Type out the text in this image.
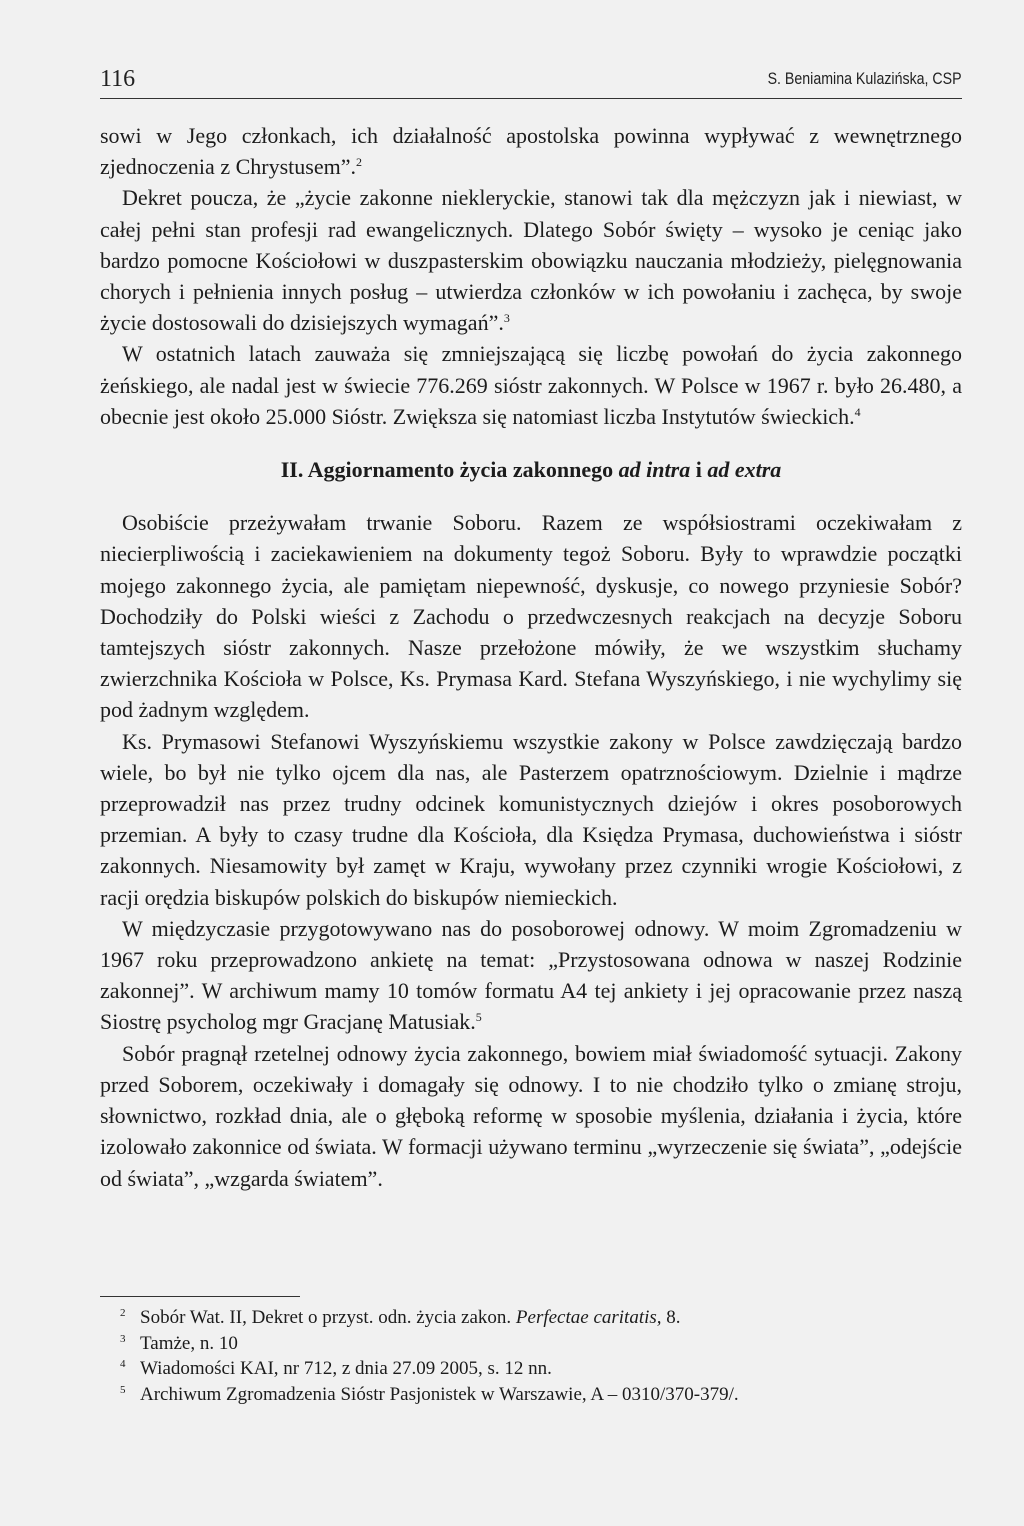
116	S. Beniamina Kulazińska, CSP

sowi w Jego członkach, ich działalność apostolska powinna wypływać z wewnętrznego zjednoczenia z Chrystusem”.$^2$

Dekret poucza, że „życie zakonne niekleryckie, stanowi tak dla mężczyzn jak i niewiast, w całej pełni stan profesji rad ewangelicznych. Dlatego Sobór święty – wysoko je ceniąc jako bardzo pomocne Kościołowi w duszpasterskim obowiązku nauczania młodzieży, pielęgnowania chorych i pełnienia innych posług – utwierdza członków w ich powołaniu i zachęca, by swoje życie dostosowali do dzisiejszych wymagań”.$^3$

W ostatnich latach zauważa się zmniejszającą się liczbę powołań do życia zakonnego żeńskiego, ale nadal jest w świecie 776.269 sióstr zakonnych. W Polsce w 1967 r. było 26.480, a obecnie jest około 25.000 Sióstr. Zwiększa się natomiast liczba Instytutów świeckich.$^4$

II. Aggiornamento życia zakonnego ad intra i ad extra

Osobiście przeżywałam trwanie Soboru. Razem ze współsiostrami oczekiwałam z niecierpliwością i zaciekawieniem na dokumenty tegoż Soboru. Były to wprawdzie początki mojego zakonnego życia, ale pamiętam niepewność, dyskusje, co nowego przyniesie Sobór? Dochodziły do Polski wieści z Zachodu o przedwczesnych reakcjach na decyzje Soboru tamtejszych sióstr zakonnych. Nasze przełożone mówiły, że we wszystkim słuchamy zwierzchnika Kościoła w Polsce, Ks. Prymasa Kard. Stefana Wyszyńskiego, i nie wychylimy się pod żadnym względem.

Ks. Prymasowi Stefanowi Wyszyńskiemu wszystkie zakony w Polsce zawdzięczają bardzo wiele, bo był nie tylko ojcem dla nas, ale Pasterzem opatrznościowym. Dzielnie i mądrze przeprowadził nas przez trudny odcinek komunistycznych dziejów i okres posoborowych przemian. A były to czasy trudne dla Kościoła, dla Księdza Prymasa, duchowieństwa i sióstr zakonnych. Niesamowity był zamęt w Kraju, wywołany przez czynniki wrogie Kościołowi, z racji orędzia biskupów polskich do biskupów niemieckich.

W międzyczasie przygotowywano nas do posoborowej odnowy. W moim Zgromadzeniu w 1967 roku przeprowadzono ankietę na temat: „Przystosowana odnowa w naszej Rodzinie zakonnej”. W archiwum mamy 10 tomów formatu A4 tej ankiety i jej opracowanie przez naszą Siostrę psycholog mgr Gracjanę Matusiak.$^5$

Sobór pragnął rzetelnej odnowy życia zakonnego, bowiem miał świadomość sytuacji. Zakony przed Soborem, oczekiwały i domagały się odnowy. I to nie chodziło tylko o zmianę stroju, słownictwo, rozkład dnia, ale o głęboką reformę w sposobie myślenia, działania i życia, które izolowało zakonnice od świata. W formacji używano terminu „wyrzeczenie się świata”, „odejście od świata”, „wzgarda światem”.

2 Sobór Wat. II, Dekret o przyst. odn. życia zakon. Perfectae caritatis, 8.
3 Tamże, n. 10
4 Wiadomości KAI, nr 712, z dnia 27.09 2005, s. 12 nn.
5 Archiwum Zgromadzenia Sióstr Pasjonistek w Warszawie, A – 0310/370-379/.
